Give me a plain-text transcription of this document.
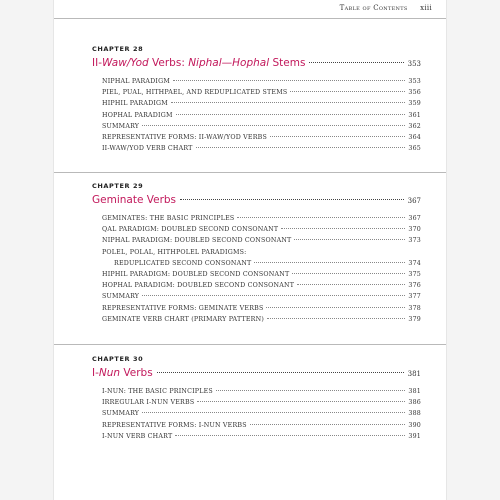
Table of Contents xiii
CHAPTER 28
II-Waw/Yod Verbs: Niphal—Hophal Stems	353
NIPHAL PARADIGM	353
PIEL, PUAL, HITHPAEL, AND REDUPLICATED STEMS	356
HIPHIL PARADIGM	359
HOPHAL PARADIGM	361
SUMMARY	362
REPRESENTATIVE FORMS: II-WAW/YOD VERBS	364
II-WAW/YOD VERB CHART	365
CHAPTER 29
Geminate Verbs	367
GEMINATES: THE BASIC PRINCIPLES	367
QAL PARADIGM: DOUBLED SECOND CONSONANT	370
NIPHAL PARADIGM: DOUBLED SECOND CONSONANT	373
POLEL, POLAL, HITHPOLEL PARADIGMS:
REDUPLICATED SECOND CONSONANT	374
HIPHIL PARADIGM: DOUBLED SECOND CONSONANT	375
HOPHAL PARADIGM: DOUBLED SECOND CONSONANT	376
SUMMARY	377
REPRESENTATIVE FORMS: GEMINATE VERBS	378
GEMINATE VERB CHART (PRIMARY PATTERN)	379
CHAPTER 30
I-Nun Verbs	381
I-NUN: THE BASIC PRINCIPLES	381
IRREGULAR I-NUN VERBS	386
SUMMARY	388
REPRESENTATIVE FORMS: I-NUN VERBS	390
I-NUN VERB CHART	391
